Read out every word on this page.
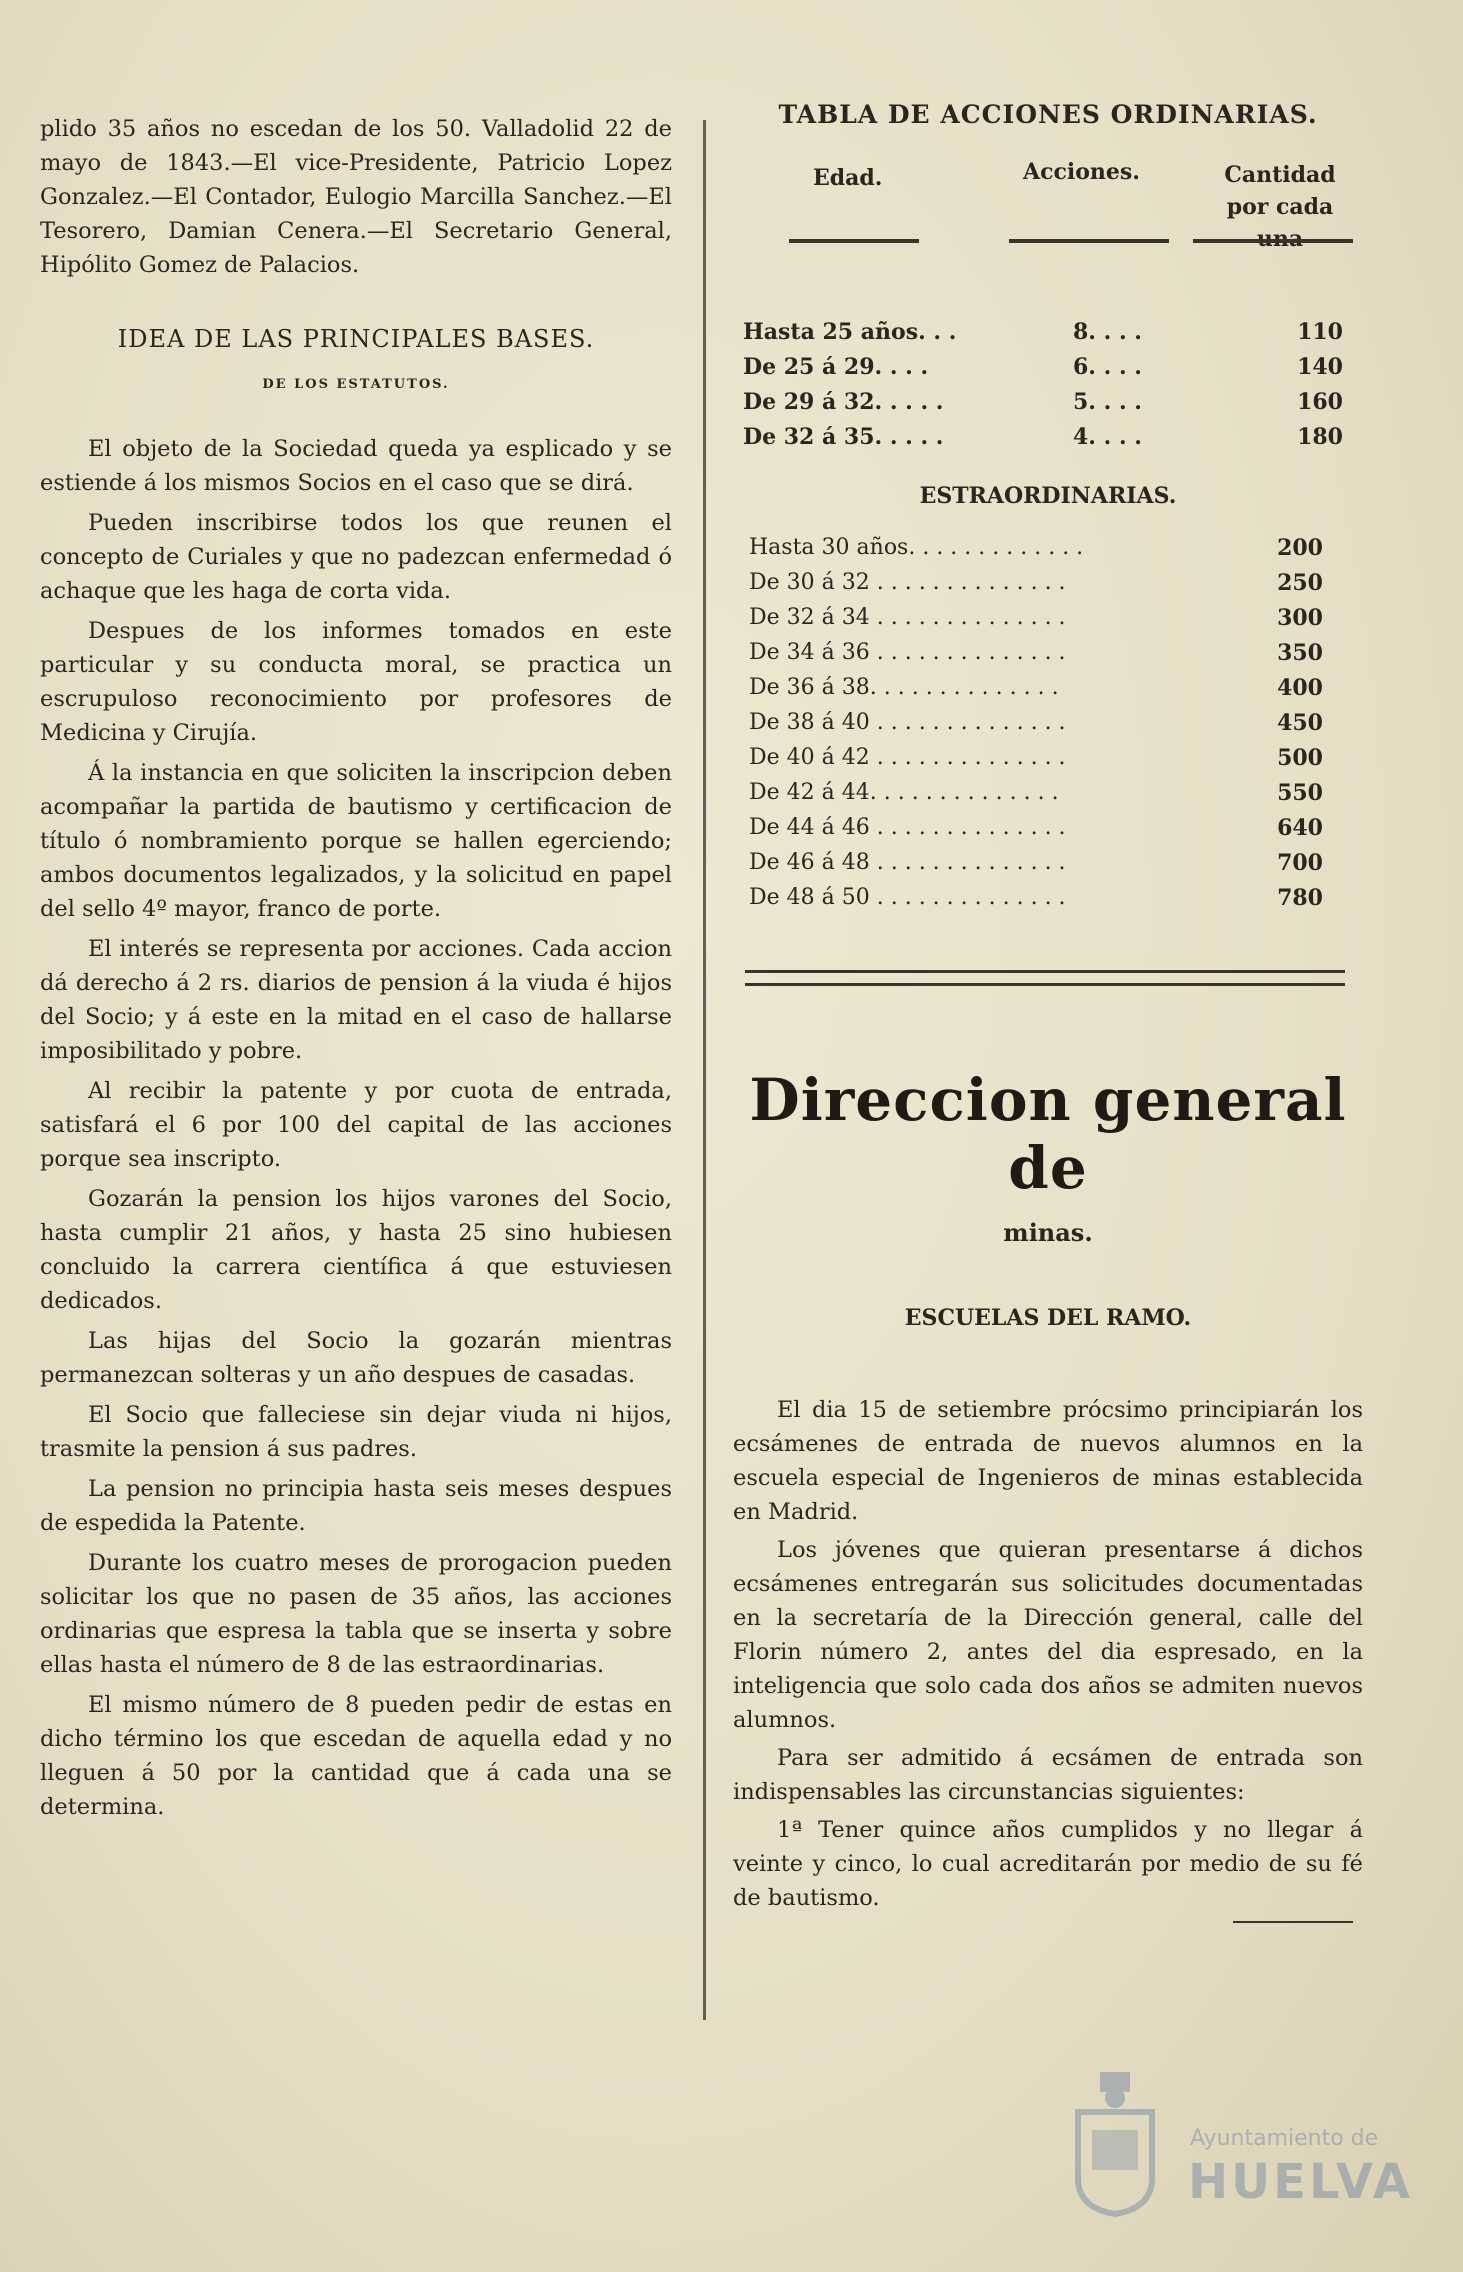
plido 35 años no escedan de los 50. Valladolid 22 de mayo de 1843.—El vice-Presidente, Patricio Lopez Gonzalez.—El Contador, Eulogio Marcilla Sanchez.—El Tesorero, Damian Cenera.—El Secretario General, Hipólito Gomez de Palacios.

IDEA DE LAS PRINCIPALES BASES.
DE LOS ESTATUTOS.

El objeto de la Sociedad queda ya esplicado y se estiende á los mismos Socios en el caso que se dirá.

Pueden inscribirse todos los que reunen el concepto de Curiales y que no padezcan enfermedad ó achaque que les haga de corta vida.

Despues de los informes tomados en este particular y su conducta moral, se practica un escrupuloso reconocimiento por profesores de Medicina y Cirujía.

Á la instancia en que soliciten la inscripcion deben acompañar la partida de bautismo y certificacion de título ó nombramiento porque se hallen egerciendo; ambos documentos legalizados, y la solicitud en papel del sello 4º mayor, franco de porte.

El interés se representa por acciones. Cada accion dá derecho á 2 rs. diarios de pension á la viuda é hijos del Socio; y á este en la mitad en el caso de hallarse imposibilitado y pobre.

Al recibir la patente y por cuota de entrada, satisfará el 6 por 100 del capital de las acciones porque sea inscripto.

Gozarán la pension los hijos varones del Socio, hasta cumplir 21 años, y hasta 25 sino hubiesen concluido la carrera científica á que estuviesen dedicados.

Las hijas del Socio la gozarán mientras permanezcan solteras y un año despues de casadas.

El Socio que falleciese sin dejar viuda ni hijos, trasmite la pension á sus padres.

La pension no principia hasta seis meses despues de espedida la Patente.

Durante los cuatro meses de prorogacion pueden solicitar los que no pasen de 35 años, las acciones ordinarias que espresa la tabla que se inserta y sobre ellas hasta el número de 8 de las estraordinarias.

El mismo número de 8 pueden pedir de estas en dicho término los que escedan de aquella edad y no lleguen á 50 por la cantidad que á cada una se determina.

TABLA DE ACCIONES ORDINARIAS.
Edad.	Acciones.	Cantidad por cada
Hasta 25 años. . .	8. . . .	110
De 25 á 29. . . .	6. . . .	140
De 29 á 32. . . . .	5. . . .	160
De 32 á 35. . . . .	4. . . .	180
ESTRAORDINARIAS.
Hasta 30 años. . . . . . . . . . . . .	200
De 30 á 32 . . . . . . . . . . . . . .	250
De 32 á 34 . . . . . . . . . . . . . .	300
De 34 á 36 . . . . . . . . . . . . . .	350
De 36 á 38. . . . . . . . . . . . . .	400
De 38 á 40 . . . . . . . . . . . . . .	450
De 40 á 42 . . . . . . . . . . . . . .	500
De 42 á 44. . . . . . . . . . . . . .	550
De 44 á 46 . . . . . . . . . . . . . .	640
De 46 á 48 . . . . . . . . . . . . . .	700
De 48 á 50 . . . . . . . . . . . . . .	780
Direccion general de
minas.
ESCUELAS DEL RAMO.

El dia 15 de setiembre prócsimo principiarán los ecsámenes de entrada de nuevos alumnos en la escuela especial de Ingenieros de minas establecida en Madrid.

Los jóvenes que quieran presentarse á dichos ecsámenes entregarán sus solicitudes documentadas en la secretaría de la Dirección general, calle del Florin número 2, antes del dia espresado, en la inteligencia que solo cada dos años se admiten nuevos alumnos.

Para ser admitido á ecsámen de entrada son indispensables las circunstancias siguientes:

1ª Tener quince años cumplidos y no llegar á veinte y cinco, lo cual acreditarán por medio de su fé de bautismo.

Ayuntamiento de
HUELVA
